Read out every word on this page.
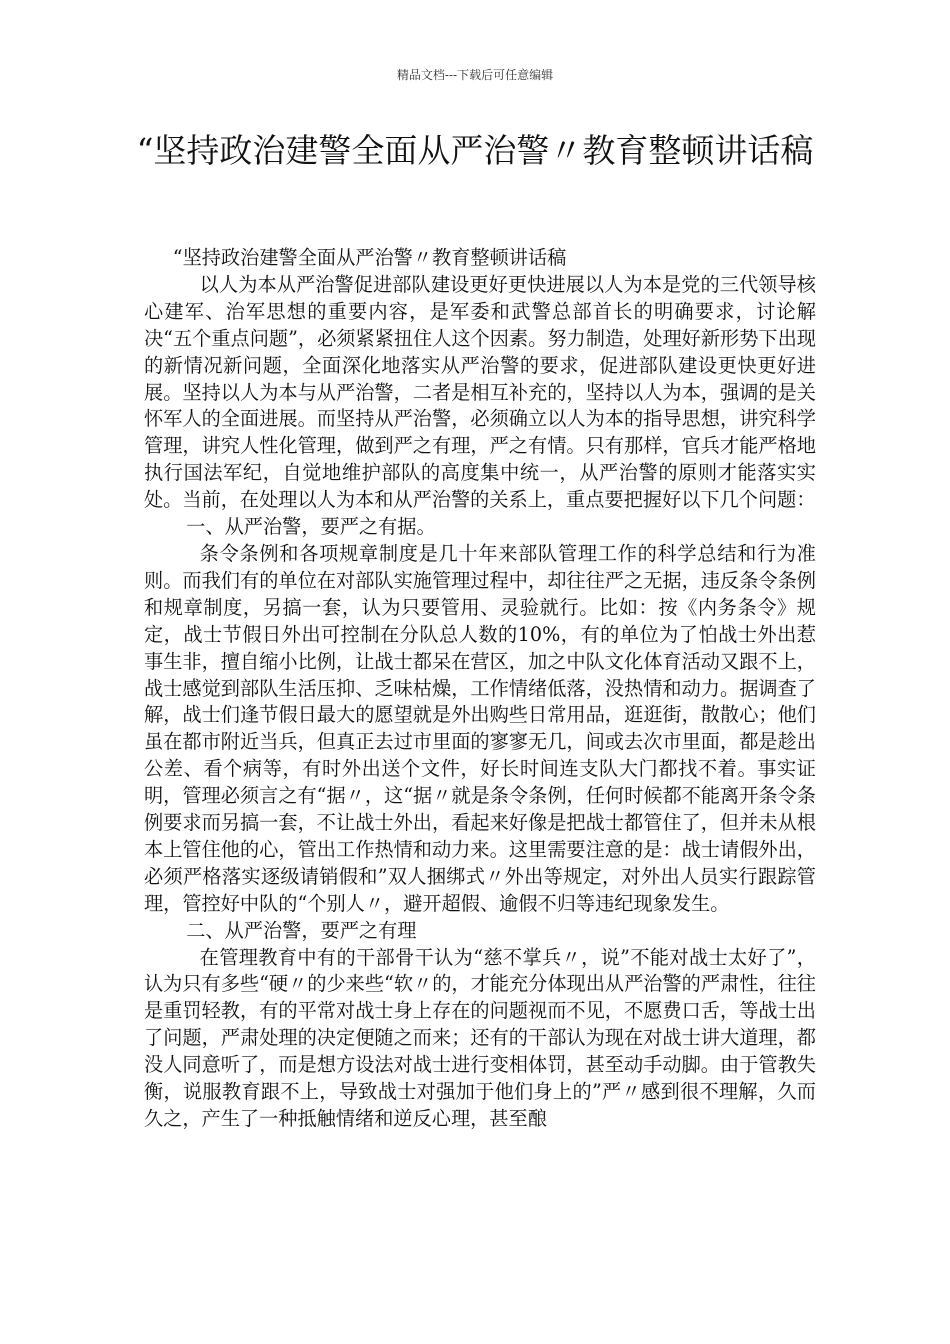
精品文档---下载后可任意编辑
“坚持政治建警全面从严治警〃教育整顿讲话稿

“坚持政治建警全面从严治警〃教育整顿讲话稿

以人为本从严治警促进部队建设更好更快进展以人为本是党的三代领导核心建军、治军思想的重要内容，是军委和武警总部首长的明确要求，讨论解决“五个重点问题”，必须紧紧扭住人这个因素。努力制造，处理好新形势下出现的新情况新问题，全面深化地落实从严治警的要求，促进部队建设更快更好进展。坚持以人为本与从严治警，二者是相互补充的，坚持以人为本，强调的是关怀军人的全面进展。而坚持从严治警，必须确立以人为本的指导思想，讲究科学管理，讲究人性化管理，做到严之有理，严之有情。只有那样，官兵才能严格地执行国法军纪，自觉地维护部队的高度集中统一，从严治警的原则才能落实实处。当前，在处理以人为本和从严治警的关系上，重点要把握好以下几个问题：

一、从严治警，要严之有据。

条令条例和各项规章制度是几十年来部队管理工作的科学总结和行为准则。而我们有的单位在对部队实施管理过程中，却往往严之无据，违反条令条例和规章制度，另搞一套，认为只要管用、灵验就行。比如：按《内务条令》规定，战士节假日外出可控制在分队总人数的10%，有的单位为了怕战士外出惹事生非，擅自缩小比例，让战士都呆在营区，加之中队文化体育活动又跟不上，战士感觉到部队生活压抑、乏味枯燥，工作情绪低落，没热情和动力。据调查了解，战士们逢节假日最大的愿望就是外出购些日常用品，逛逛街，散散心；他们虽在都市附近当兵，但真正去过市里面的寥寥无几，间或去次市里面，都是趁出公差、看个病等，有时外出送个文件，好长时间连支队大门都找不着。事实证明，管理必须言之有“据〃，这“据〃就是条令条例，任何时候都不能离开条令条例要求而另搞一套，不让战士外出，看起来好像是把战士都管住了，但并未从根本上管住他的心，管出工作热情和动力来。这里需要注意的是：战士请假外出，必须严格落实逐级请销假和”双人捆绑式〃外出等规定，对外出人员实行跟踪管理，管控好中队的“个别人〃，避开超假、逾假不归等违纪现象发生。

二、从严治警，要严之有理

在管理教育中有的干部骨干认为“慈不掌兵〃，说”不能对战士太好了”，认为只有多些“硬〃的少来些“软〃的，才能充分体现出从严治警的严肃性，往往是重罚轻教，有的平常对战士身上存在的问题视而不见，不愿费口舌，等战士出了问题，严肃处理的决定便随之而来；还有的干部认为现在对战士讲大道理，都没人同意听了，而是想方设法对战士进行变相体罚，甚至动手动脚。由于管教失衡，说服教育跟不上，导致战士对强加于他们身上的”严〃感到很不理解，久而久之，产生了一种抵触情绪和逆反心理，甚至酿
